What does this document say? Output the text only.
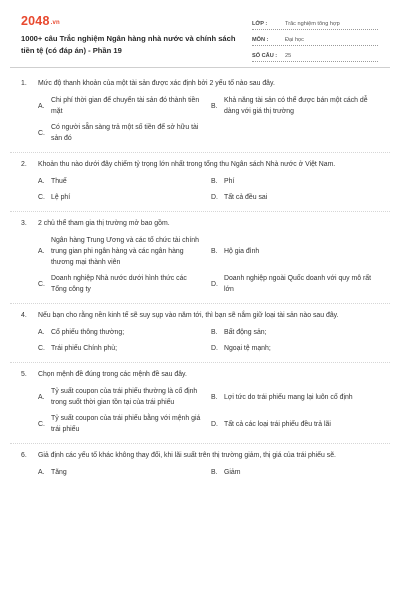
2048.vn
1000+ câu Trắc nghiệm Ngân hàng nhà nước và chính sách tiền tệ (có đáp án) - Phần 19
LỚP :	Trắc nghiệm tổng hợp
MÔN :	Đại học
SỐ CÂU :	25
1. Mức độ thanh khoản của một tài sản được xác định bởi 2 yếu tố nào sau đây.
A.
Chi phí thời gian để chuyển tài sản đó thành tiền mặt
B.
Khả năng tài sản có thể được bán một cách dễ dàng với giá thị trường
C.
Có người sẵn sàng trả một số tiền để sở hữu tài sản đó
2. Khoản thu nào dưới đây chiếm tỷ trọng lớn nhất trong tổng thu Ngân sách Nhà nước ở Việt Nam.
A. Thuế	B. Phí
C. Lệ phí	D. Tất cả đều sai
3. 2 chủ thể tham gia thị trường mở bao gồm.
A.
Ngân hàng Trung Ương và các tổ chức tài chính trung gian phi ngân hàng và các ngân hàng thương mại thành viên
B. Hộ gia đình
C.
Doanh nghiệp Nhà nước dưới hình thức các Tổng công ty
D.
Doanh nghiệp ngoài Quốc doanh với quy mô rất lớn
4. Nếu bạn cho rằng nền kinh tế sẽ suy sụp vào năm tới, thì bạn sẽ nắm giữ loại tài sản nào sau đây.
A. Cổ phiếu thông thường;	B. Bất động sản;
C. Trái phiếu Chính phủ;	D. Ngoại tệ mạnh;
5. Chọn mệnh đề đúng trong các mệnh đề sau đây.
A.
Tỷ suất coupon của trái phiếu thường là cố định trong suốt thời gian tồn tại của trái phiếu
B. Lợi tức do trái phiếu mang lại luôn cố định
C.
Tỷ suất coupon của trái phiếu bằng với mệnh giá trái phiếu
D. Tất cả các loại trái phiếu đều trả lãi
6. Giả định các yếu tố khác không thay đổi, khi lãi suất trên thị trường giảm, thị giá của trái phiếu sẽ.
A. Tăng	B. Giảm
